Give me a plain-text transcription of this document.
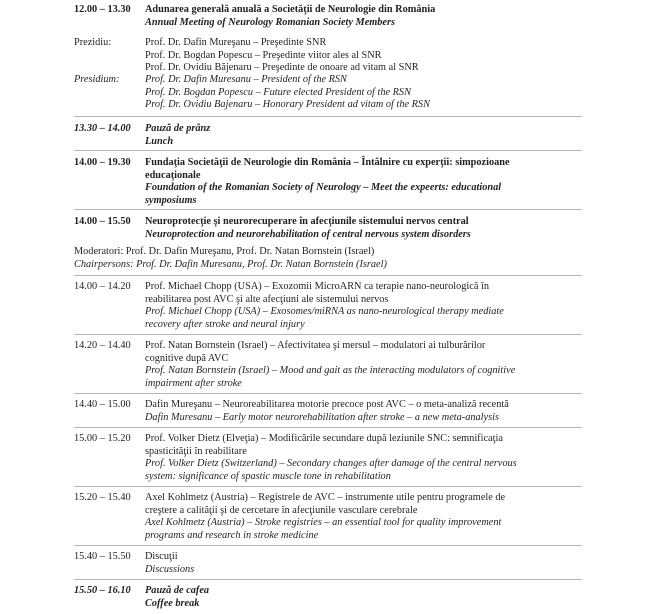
12.00 – 13.30 Adunarea generală anuală a Societăţii de Neurologie din România
Annual Meeting of Neurology Romanian Society Members
Prezidiu:	Prof. Dr. Dafin Mureşanu – Preşedinte SNR
Prof. Dr. Bogdan Popescu – Preşedinte viitor ales al SNR
Prof. Dr. Ovidiu Băjenaru – Preşedinte de onoare ad vitam al SNR
Presidium: Prof. Dr. Dafin Muresanu – President of the RSN
Prof. Dr. Bogdan Popescu – Future elected President of the RSN
Prof. Dr. Ovidiu Bajenaru – Honorary President ad vitam of the RSN
13.30 – 14.00 Pauză de prânz
Lunch
14.00 – 19.30 Fundaţia Societăţii de Neurologie din România – Întâlnire cu experţii: simpozioane
educaţionale
Foundation of the Romanian Society of Neurology – Meet the expeerts: educational
symposiums
14.00 – 15.50 Neuroprotecţie şi neurorecuperare în afecţiunile sistemului nervos central
Neuroprotection and neurorehabilitation of central nervous system disorders
Moderatori: Prof. Dr. Dafin Mureşanu, Prof. Dr. Natan Bornstein (Israel)
Chairpersons: Prof. Dr. Dafin Muresanu, Prof. Dr. Natan Bornstein (Israel)
14.00 – 14.20 Prof. Michael Chopp (USA) – Exozomii MicroARN ca terapie nano-neurologică în
reabilitarea post AVC şi alte afecţiuni ale sistemului nervos
Prof. Michael Chopp (USA) – Exosomes/miRNA as nano-neurological therapy mediate
recovery after stroke and neural injury
14.20 – 14.40 Prof. Natan Bornstein (Israel) – Afectivitatea şi mersul – modulatori ai tulburărilor
cognitive după AVC
Prof. Natan Bornstein (Israel) – Mood and gait as the interacting modulators of cognitive
impairment after stroke
14.40 – 15.00 Dafin Mureşanu – Neuroreabilitarea motorie precoce post AVC – o meta-analiză recentă
Dafin Muresanu – Early motor neurorehabilitation after stroke – a new meta-analysis
15.00 – 15.20 Prof. Volker Dietz (Elveţia) – Modificările secundare după leziunile SNC: semnificaţia
spasticităţii în reabilitare
Prof. Volker Dietz (Switzerland) – Secondary changes after damage of the central nervous
system: significance of spastic muscle tone in rehabilitation
15.20 – 15.40 Axel Kohlmetz (Austria) – Registrele de AVC – instrumente utile pentru programele de
creştere a calităţii şi de cercetare în afecţiunile vasculare cerebrale
Axel Kohlmetz (Austria) – Stroke registries – an essential tool for quality improvement
programs and research in stroke medicine
15.40 – 15.50 Discuţii
Discussions
15.50 – 16.10 Pauză de cafea
Coffee break
